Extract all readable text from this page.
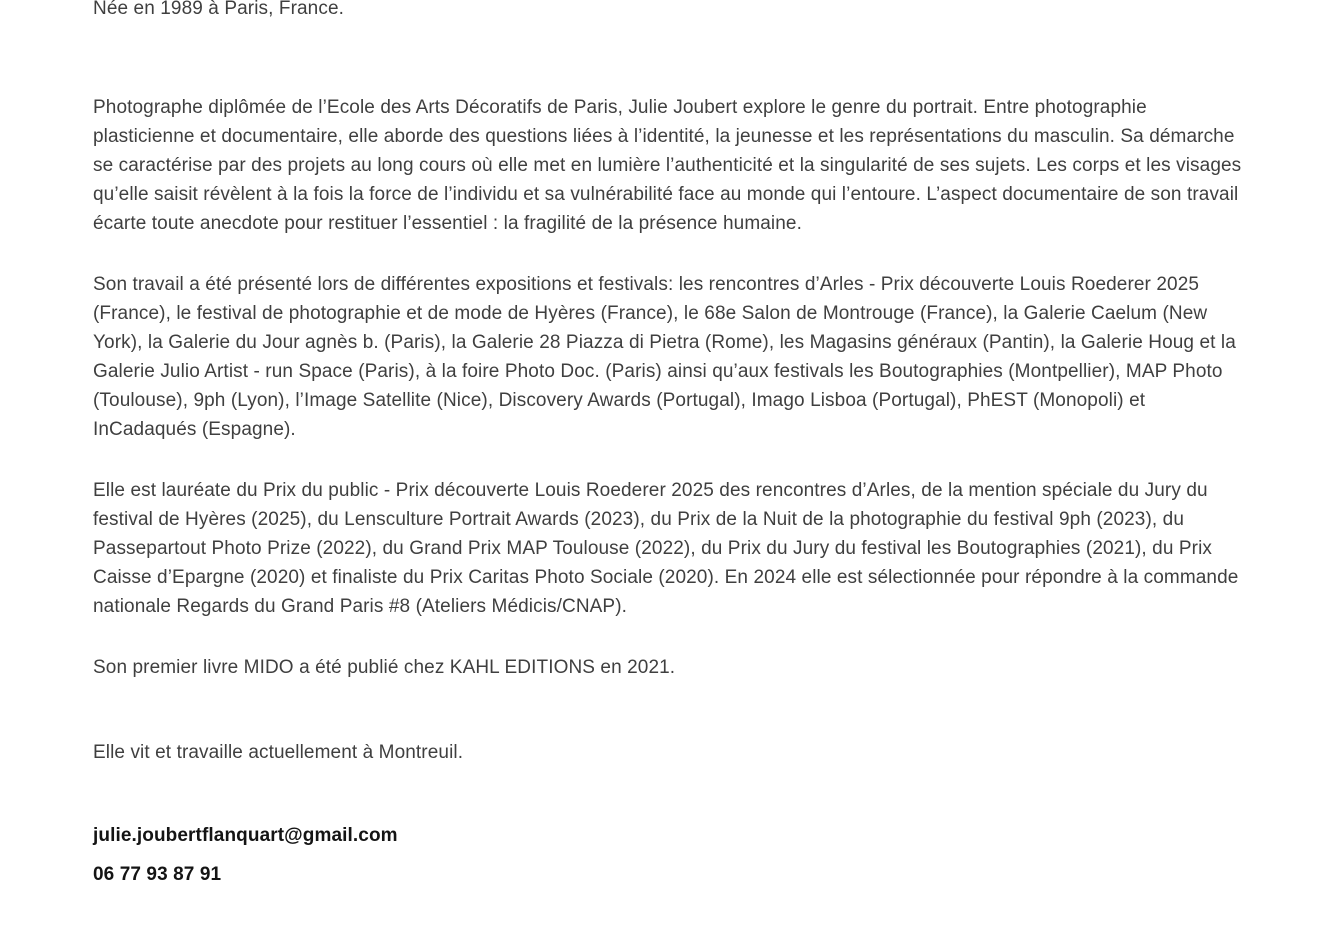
Née en 1989 à Paris, France.

Photographe diplômée de l’Ecole des Arts Décoratifs de Paris, Julie Joubert explore le genre du portrait. Entre photographie plasticienne et documentaire, elle aborde des questions liées à l’identité, la jeunesse et les représentations du masculin. Sa démarche se caractérise par des projets au long cours où elle met en lumière l’authenticité et la singularité de ses sujets. Les corps et les visages qu’elle saisit révèlent à la fois la force de l’individu et sa vulnérabilité face au monde qui l’entoure. L’aspect documentaire de son travail écarte toute anecdote pour restituer l’essentiel : la fragilité de la présence humaine.

Son travail a été présenté lors de différentes expositions et festivals: les rencontres d’Arles - Prix découverte Louis Roederer 2025 (France), le festival de photographie et de mode de Hyères (France), le 68e Salon de Montrouge (France), la Galerie Caelum (New York), la Galerie du Jour agnès b. (Paris), la Galerie 28 Piazza di Pietra (Rome), les Magasins généraux (Pantin), la Galerie Houg et la Galerie Julio Artist - run Space (Paris), à la foire Photo Doc. (Paris) ainsi qu’aux festivals les Boutographies (Montpellier), MAP Photo (Toulouse), 9ph (Lyon), l’Image Satellite (Nice), Discovery Awards (Portugal), Imago Lisboa (Portugal), PhEST (Monopoli) et InCadaqués (Espagne).

Elle est lauréate du Prix du public - Prix découverte Louis Roederer 2025 des rencontres d’Arles, de la mention spéciale du Jury du festival de Hyères (2025), du Lensculture Portrait Awards (2023), du Prix de la Nuit de la photographie du festival 9ph (2023), du Passepartout Photo Prize (2022), du Grand Prix MAP Toulouse (2022), du Prix du Jury du festival les Boutographies (2021), du Prix Caisse d’Epargne (2020) et finaliste du Prix Caritas Photo Sociale (2020). En 2024 elle est sélectionnée pour répondre à la commande nationale Regards du Grand Paris #8 (Ateliers Médicis/CNAP).

Son premier livre MIDO a été publié chez KAHL EDITIONS en 2021.

Elle vit et travaille actuellement à Montreuil.

julie.joubertflanquart@gmail.com

06 77 93 87 91
